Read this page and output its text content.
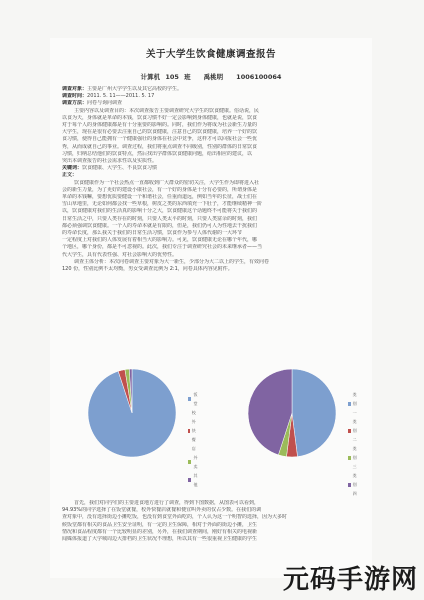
关于大学生饮食健康调查报告
计算机 105 班　　禹桃明　　1006100064
调查对象：主要是广州大学学生以及其它高校的学生。
调查时间：2011. 5. 11——2011. 5. 17
调查方法：问卷与询问调查
主要内容以及调查目的：本次调查报告主要调查研究大学生的饮食健康。俗话说，民
以食为天，身体就是革命的本钱，饮食习惯不好一定会影响到身体健康，也就是说，饮食
对于每个人的身体健康都是有十分重要的影响的。同时，我们作为将成为社会新生力量的
大学生，现在是很有必要去注重自己的饮食健康，注意自己的饮食健康，培养一个好的饮
食习惯，使得自己能拥有一个健康强壮的身体在社会中竞争，这样才可以回报社会一些优
秀，从而成就自己的事业。调查过程，我们将重点调查不同级别，性别的群体的日常饮食
习惯，归纳总结他们的饮食特点，然后找出学群体饮食健康问题，给出相应的建议，以
突出本调查报告的社会需求性以及实质性。
关键词：饮食健康、大学生、不良饮食习惯
正文：
饮食健康作为一个社会热点一直都收到广大群众的密切关注，大学生作为即将进入社
会的新生力量，为了更好的建设小康社会，有一个好的身体是十分有必要的，所谓身体是
革命的本钱嘛，要想优质要健设一个和谐社会，任重而道远，例如当年的长征，战士们在
雪山草地里，无论如何都会找一些草根，树皮之类的东西填充一下肚子，才能继续精神一阶
以，饮食健康对我们的生活真的影响十分之大，饮食健康这个话题终不可能将失于我们的
日常生活之中，只要人类存在的时刻，只要人类太平的时刻，只要人类富余的时刻，我们
都必须强调饮食健康。一个人的寿命本就是有限的，但是，我们仍可人为性地去干扰我们
的寿命长度，那么我关于我们的日常生活习惯，饮食作为参与人体代谢的一大环节
一定程度上对我们的人体发展有着相当大的影响力。可见，饮食健康无论在哪个年代，哪
个地区，哪个身份，都是不可忽视的。此次，我们专注于调查研究社会的未来继承者——当
代大学生，具有代表性强、对社会影响大的优势性。
调查主体分析：本次问卷调查主要对象为大一新生，少部分为大二以上的学生，有效问卷
120 份，性别比例不太均衡，男女受调查比例为 2:1，问卷具体内容见附件。
首先，我们对同学们的主要进食地方进行了调查，得到下图数据，从图表可以看到，
94.93%的同学选择了在饭堂就餐，校外快餐店就餐和便宜叫外卖的仅占少数。在我们的调
查对象中，没有选择街边小摊吃饭，也没有到食堂外面吃的，个人认为这一个明智的选择，因为大多时
候饭堂都有相关的食品卫生安全证明，有一定的卫生保障，相对于外面的街边小摊，卫生
情况和食品程度都有一个比较明显的差别，另外，在我们调查期间，刚好有相关的电视新
闻媒体报道了大学城周边大排档的卫生状况不理想，所以其有一些很重视卫生健康的学生
饭堂
校外快餐店
外卖
其他
类别一
类别二
类别三
类别四
元码手游网
